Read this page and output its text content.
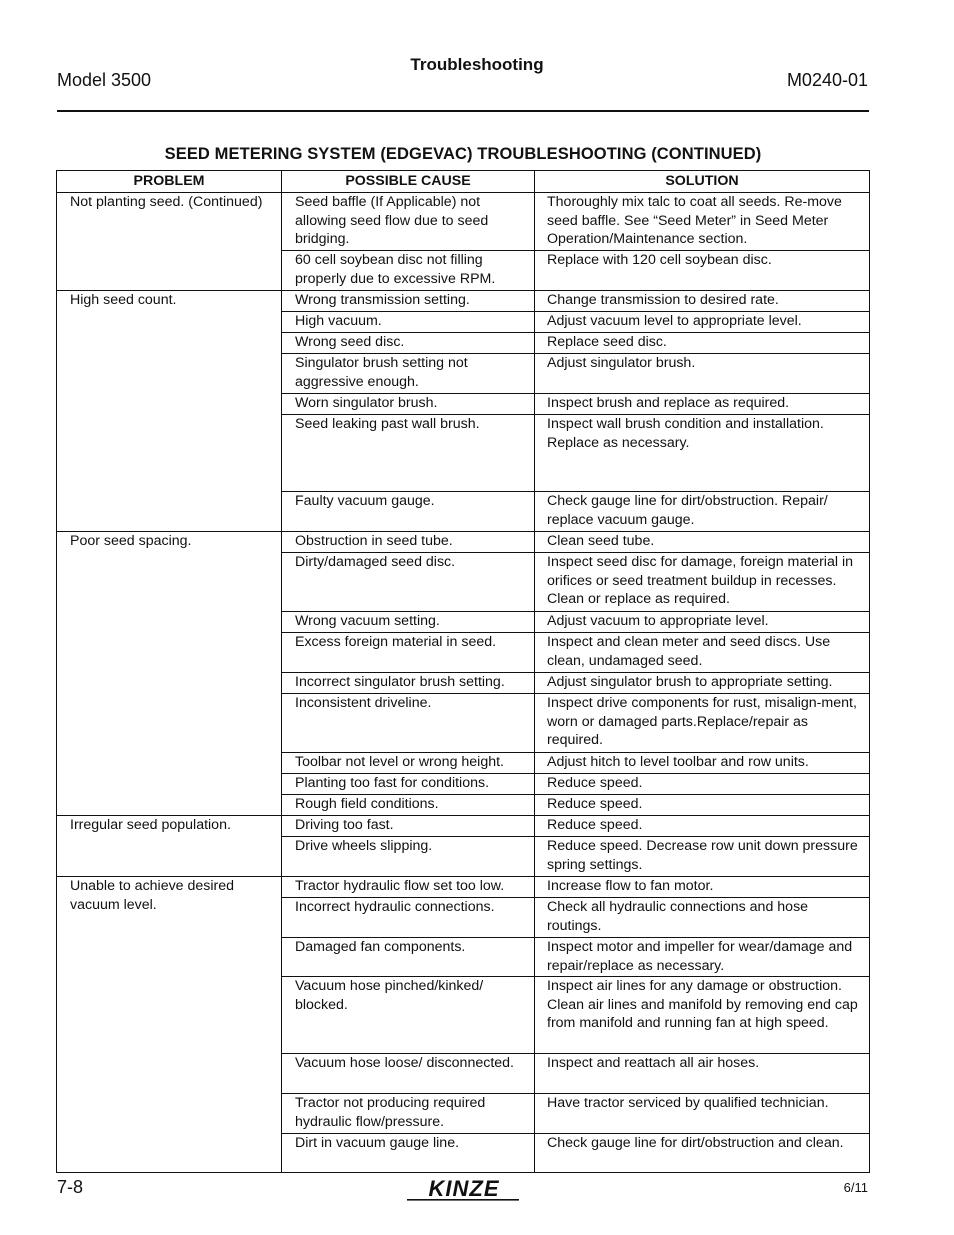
Model 3500
Troubleshooting
M0240-01
SEED METERING SYSTEM (EDGEVAC) TROUBLESHOOTING (CONTINUED)
PROBLEM	POSSIBLE CAUSE	SOLUTION
Not planting seed. (Continued)	Seed baffle (If Applicable) not allowing seed flow due to seed bridging.	Thoroughly mix talc to coat all seeds. Re-move seed baffle. See “Seed Meter” in Seed Meter Operation/Maintenance section.
	60 cell soybean disc not filling properly due to excessive RPM.	Replace with 120 cell soybean disc.
High seed count.	Wrong transmission setting.	Change transmission to desired rate.
	High vacuum.	Adjust vacuum level to appropriate level.
	Wrong seed disc.	Replace seed disc.
	Singulator brush setting not aggressive enough.	Adjust singulator brush.
	Worn singulator brush.	Inspect brush and replace as required.
	Seed leaking past wall brush.	Inspect wall brush condition and installation. Replace as necessary.
	Faulty vacuum gauge.	Check gauge line for dirt/obstruction. Repair/ replace vacuum gauge.
Poor seed spacing.	Obstruction in seed tube.	Clean seed tube.
	Dirty/damaged seed disc.	Inspect seed disc for damage, foreign material in orifices or seed treatment buildup in recesses. Clean or replace as required.
	Wrong vacuum setting.	Adjust vacuum to appropriate level.
	Excess foreign material in seed.	Inspect and clean meter and seed discs. Use clean, undamaged seed.
	Incorrect singulator brush setting.	Adjust singulator brush to appropriate setting.
	Inconsistent driveline.	Inspect drive components for rust, misalign-ment, worn or damaged parts.Replace/repair as required.
	Toolbar not level or wrong height.	Adjust hitch to level toolbar and row units.
	Planting too fast for conditions.	Reduce speed.
	Rough field conditions.	Reduce speed.
Irregular seed population.	Driving too fast.	Reduce speed.
	Drive wheels slipping.	Reduce speed. Decrease row unit down pressure spring settings.
Unable to achieve desired vacuum level.	Tractor hydraulic flow set too low.	Increase flow to fan motor.
	Incorrect hydraulic connections.	Check all hydraulic connections and hose routings.
	Damaged fan components.	Inspect motor and impeller for wear/damage and repair/replace as necessary.
	Vacuum hose pinched/kinked/ blocked.	Inspect air lines for any damage or obstruction. Clean air lines and manifold by removing end cap from manifold and running fan at high speed.
	Vacuum hose loose/ disconnected.	Inspect and reattach all air hoses.
	Tractor not producing required hydraulic flow/pressure.	Have tractor serviced by qualified technician.
	Dirt in vacuum gauge line.	Check gauge line for dirt/obstruction and clean.
7-8	KINZE	6/11
